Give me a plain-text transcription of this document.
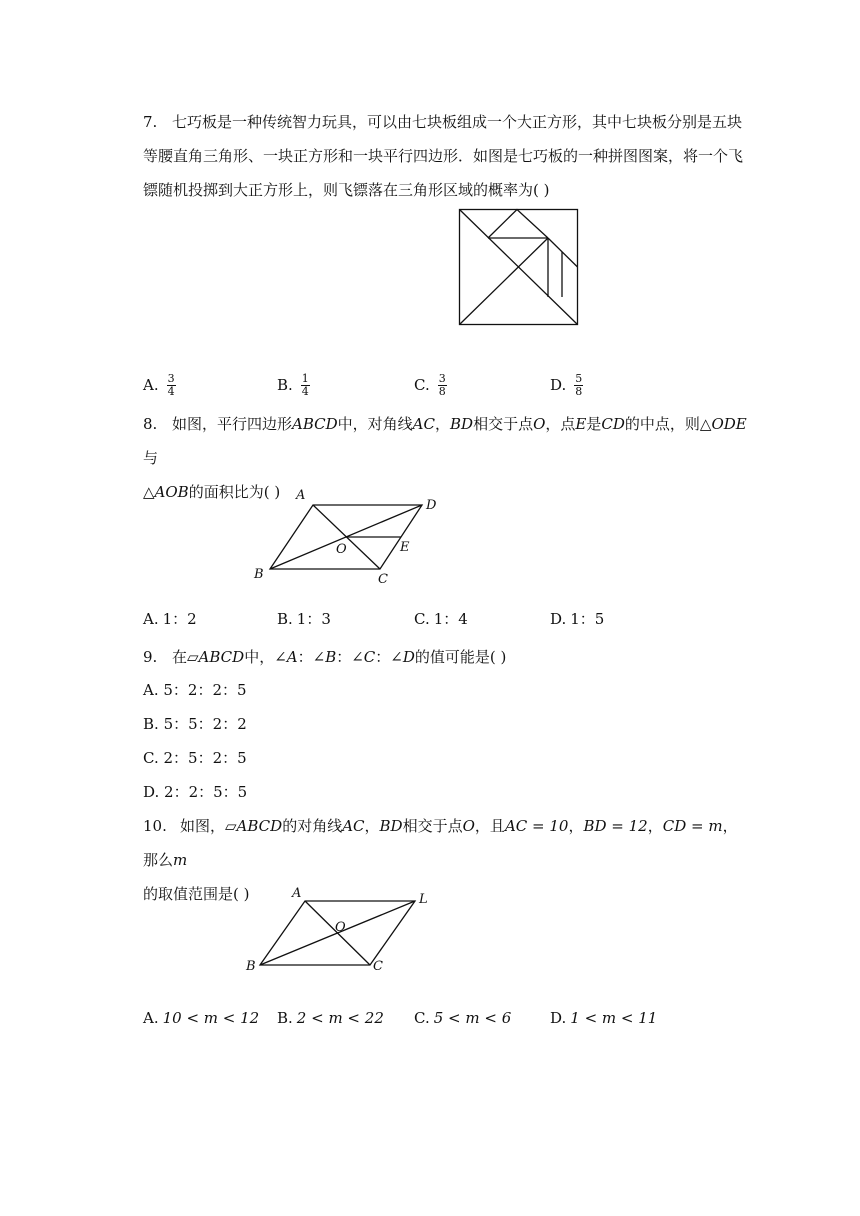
7. 七巧板是一种传统智力玩具，可以由七块板组成一个大正方形，其中七块板分别是五块
等腰直角三角形、一块正方形和一块平行四边形．如图是七巧板的一种拼图图案，将一个飞
镖随机投掷到大正方形上，则飞镖落在三角形区域的概率为( )
A. $\frac{3}{4}$	B. $\frac{1}{4}$	C. $\frac{3}{8}$	D. $\frac{5}{8}$
8. 如图，平行四边形ABCD中，对角线AC，BD相交于点O，点E是CD的中点，则△ODE与
△AOB的面积比为( )	A
D
O	E
B	C
A. 1：2	B. 1：3	C. 1：4	D. 1：5
9. 在▱ABCD中，∠A：∠B：∠C：∠D的值可能是( )
A. 5：2：2：5
B. 5：5：2：2
C. 2：5：2：5
D. 2：2：5：5
10. 如图，▱ABCD的对角线AC，BD相交于点O，且AC = 10，BD = 12，CD = m，那么m
的取值范围是( )	A	L
O
B	C
A. 10 < m < 12 B. 2 < m < 22 C. 5 < m < 6	D. 1 < m < 11
